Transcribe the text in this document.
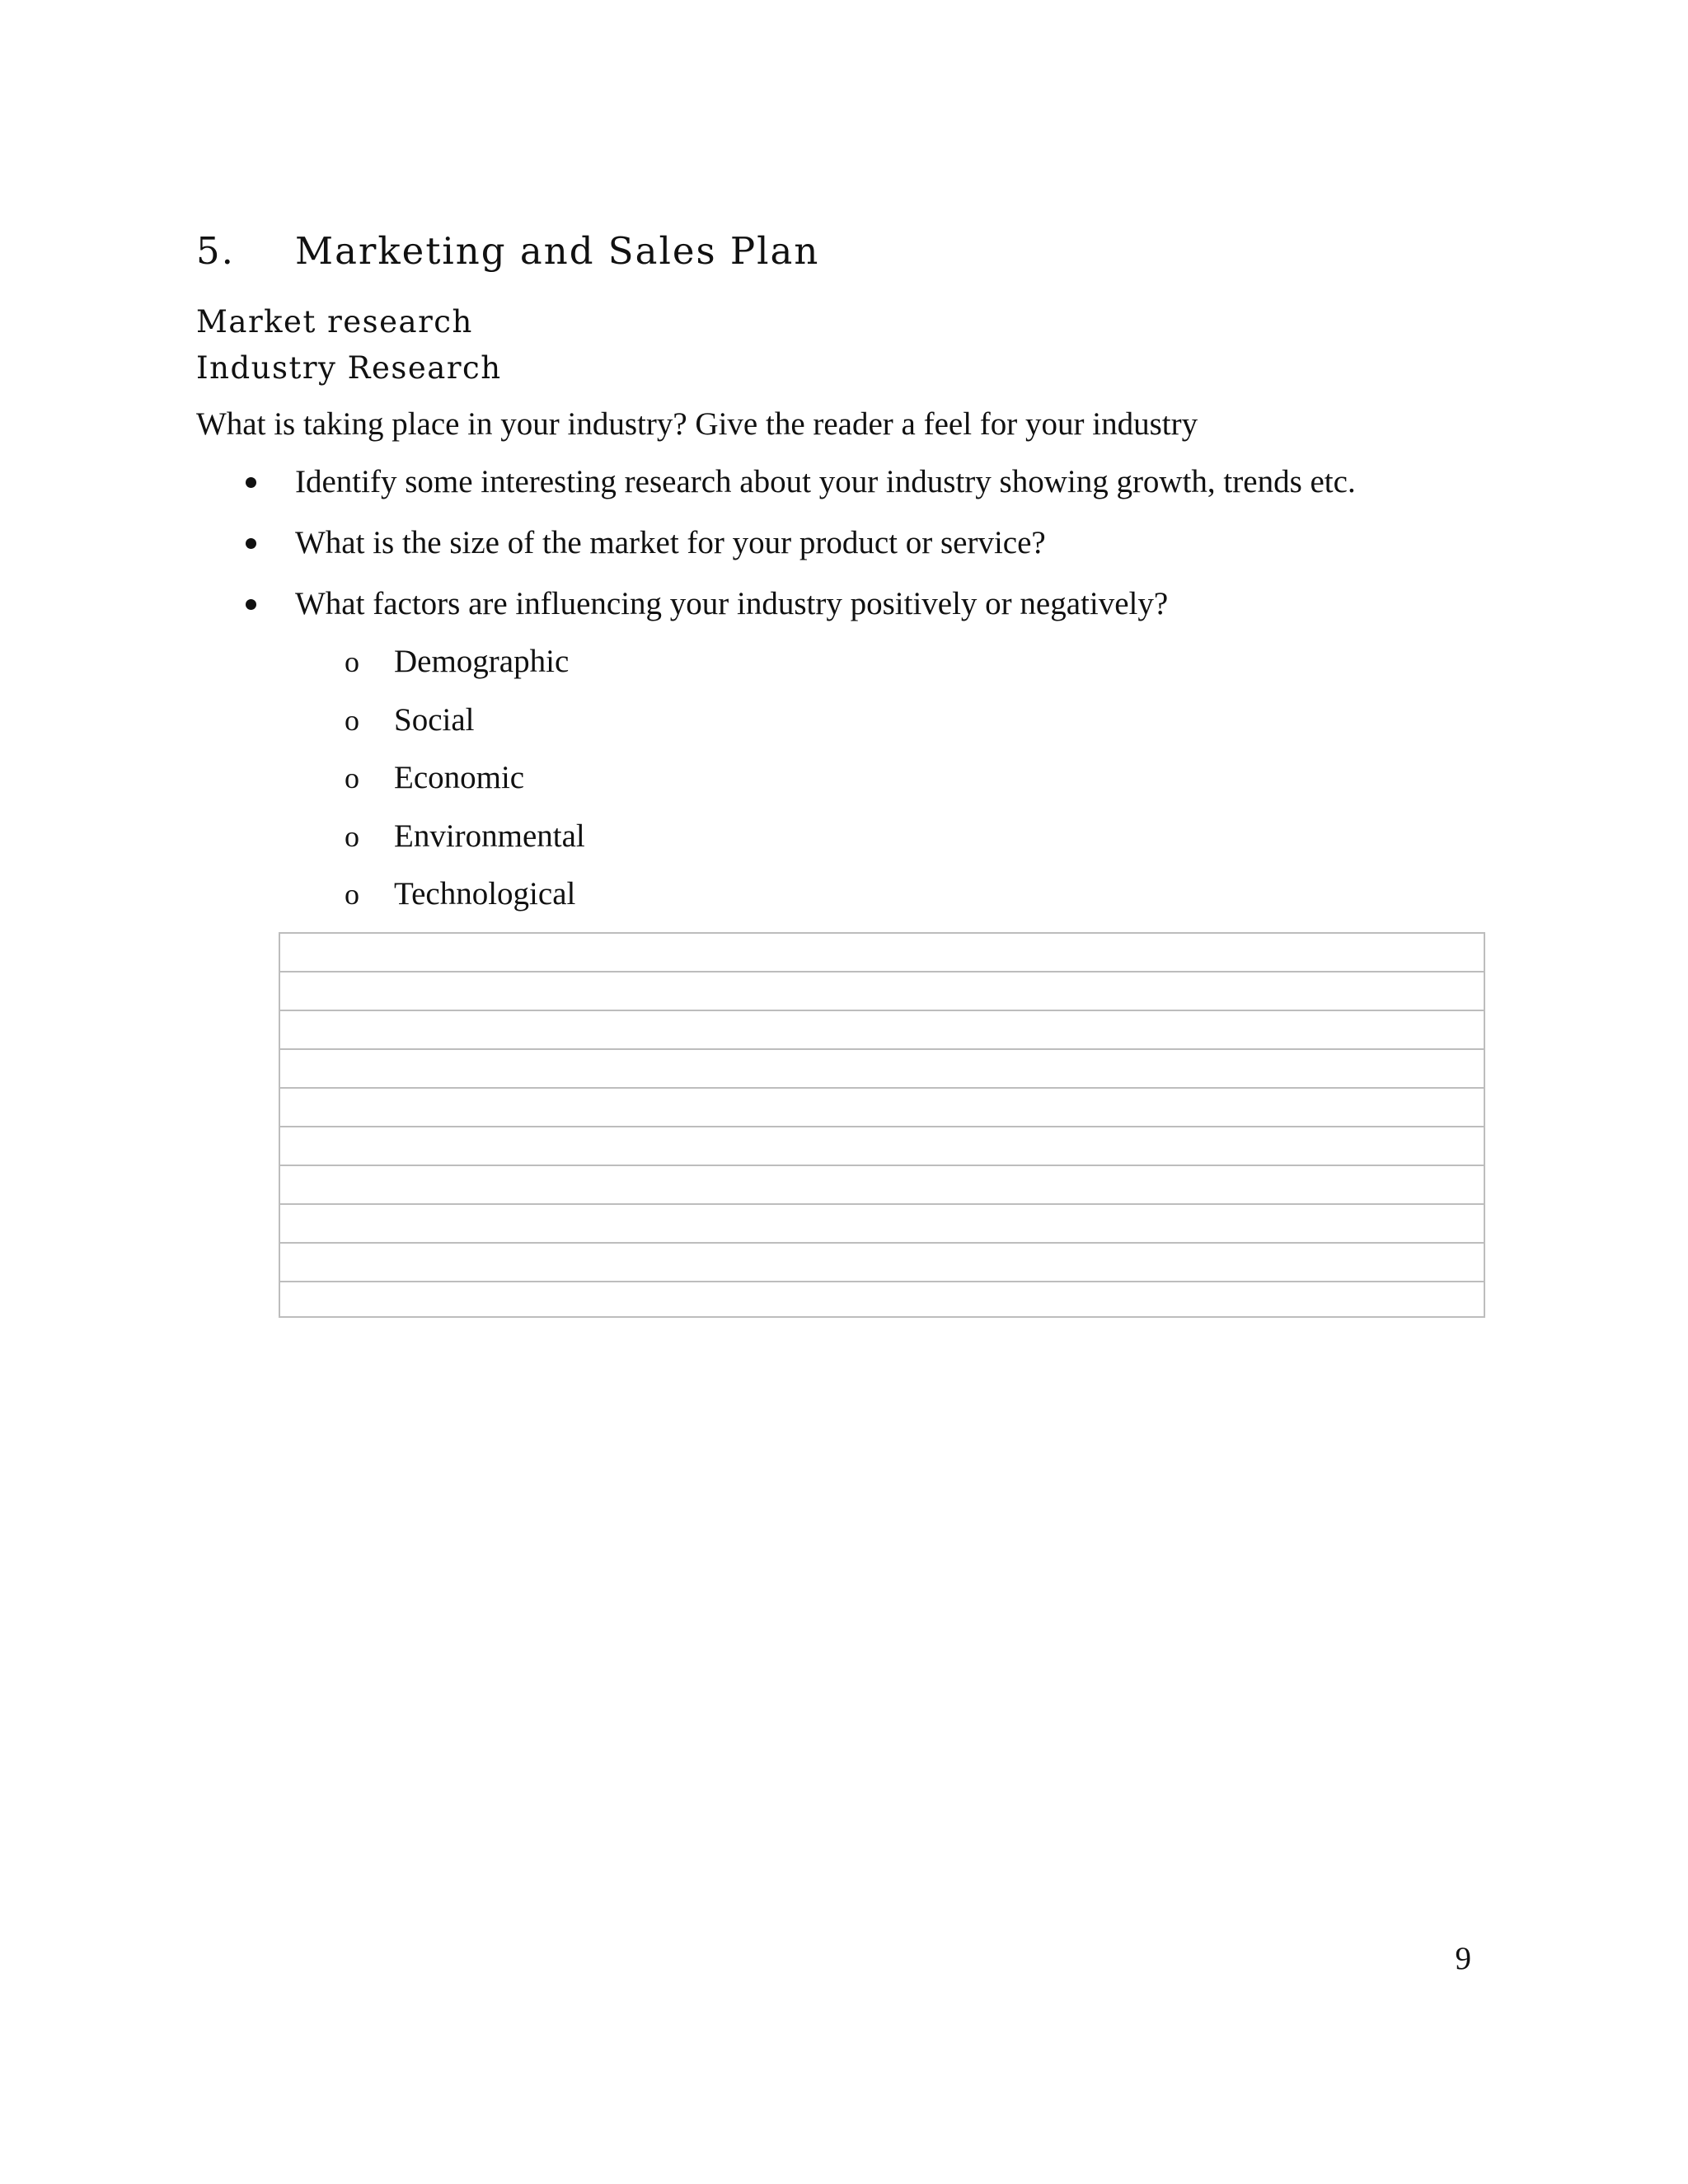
5. Marketing and Sales Plan
Market research
Industry Research

What is taking place in your industry? Give the reader a feel for your industry

Identify some interesting research about your industry showing growth, trends etc.
What is the size of the market for your product or service?
What factors are influencing your industry positively or negatively?
o Demographic
o Social
o Economic
o Environmental
o Technological
9
